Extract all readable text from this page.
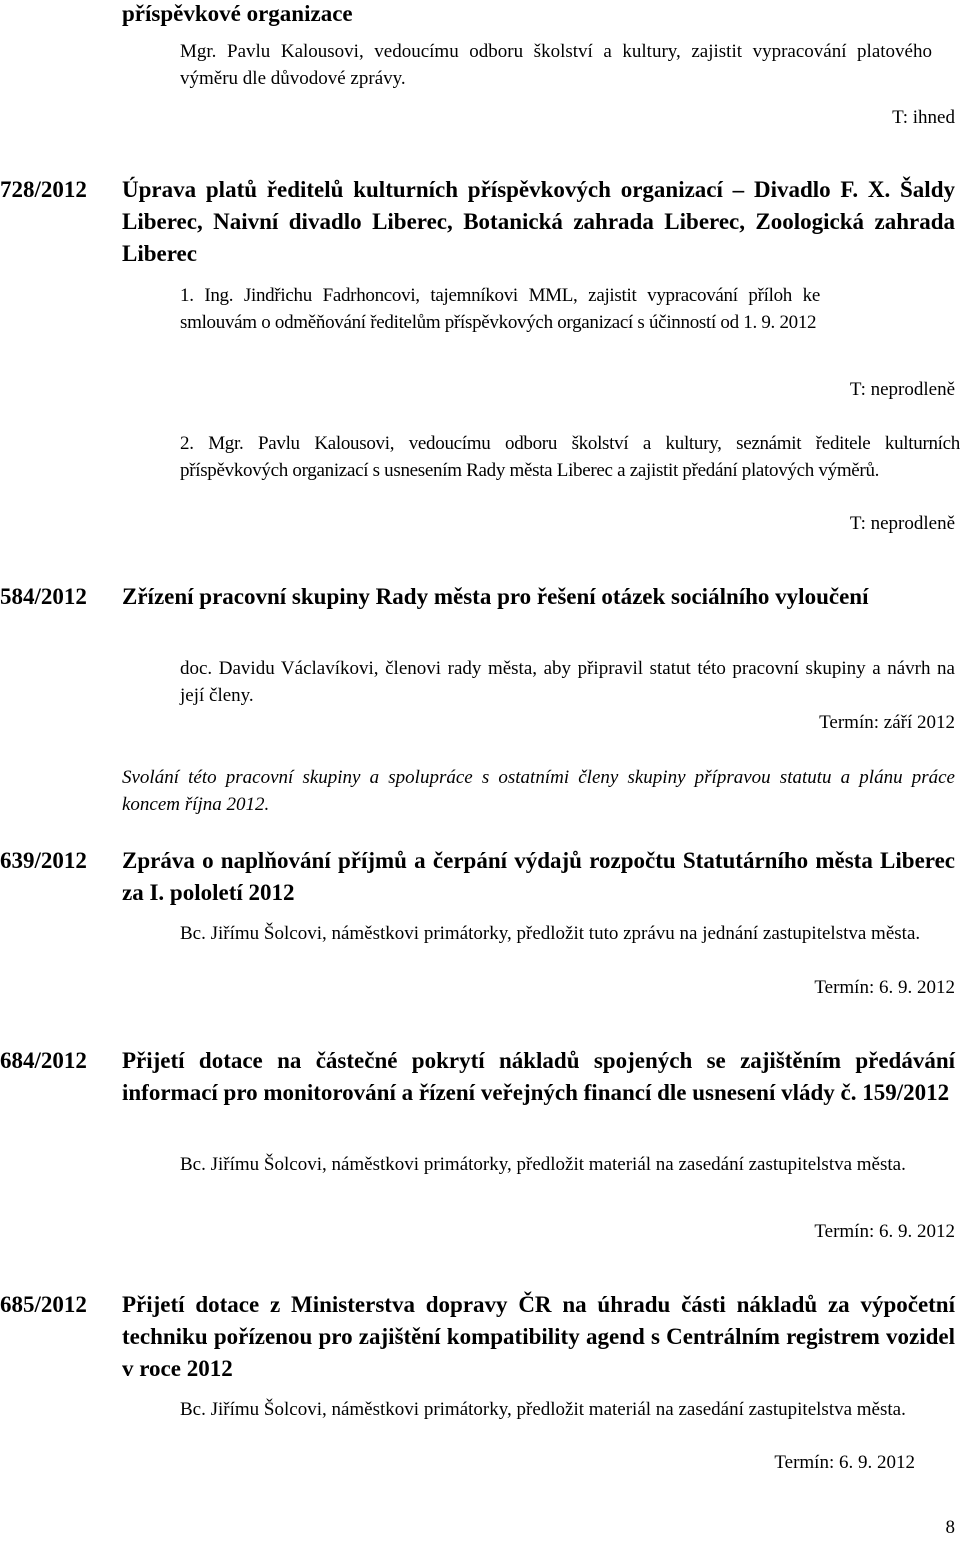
příspěvkové organizace
Mgr. Pavlu Kalousovi, vedoucímu odboru školství a kultury, zajistit vypracování platového výměru dle důvodové zprávy.
T: ihned
728/2012 Úprava platů ředitelů kulturních příspěvkových organizací – Divadlo F. X. Šaldy Liberec, Naivní divadlo Liberec, Botanická zahrada Liberec, Zoologická zahrada Liberec
1. Ing. Jindřichu Fadrhoncovi, tajemníkovi MML, zajistit vypracování příloh ke smlouvám o odměňování ředitelům příspěvkových organizací s účinností od 1. 9. 2012
T: neprodleně
2. Mgr. Pavlu Kalousovi, vedoucímu odboru školství a kultury, seznámit ředitele kulturních příspěvkových organizací s usnesením Rady města Liberec a zajistit předání platových výměrů.
T: neprodleně
584/2012 Zřízení pracovní skupiny Rady města pro řešení otázek sociálního vyloučení
doc. Davidu Václavíkovi, členovi rady města, aby připravil statut této pracovní skupiny a návrh na její členy.
Termín: září 2012
Svolání této pracovní skupiny a spolupráce s ostatními členy skupiny přípravou statutu a plánu práce koncem října 2012.
639/2012 Zpráva o naplňování příjmů a čerpání výdajů rozpočtu Statutárního města Liberec za I. pololetí 2012
Bc. Jiřímu Šolcovi, náměstkovi primátorky, předložit tuto zprávu na jednání zastupitelstva města.
Termín: 6. 9. 2012
684/2012 Přijetí dotace na částečné pokrytí nákladů spojených se zajištěním předávání informací pro monitorování a řízení veřejných financí dle usnesení vlády č. 159/2012
Bc. Jiřímu Šolcovi, náměstkovi primátorky, předložit materiál na zasedání zastupitelstva města.
Termín: 6. 9. 2012
685/2012 Přijetí dotace z Ministerstva dopravy ČR na úhradu části nákladů za výpočetní techniku pořízenou pro zajištění kompatibility agend s Centrálním registrem vozidel v roce 2012
Bc. Jiřímu Šolcovi, náměstkovi primátorky, předložit materiál na zasedání zastupitelstva města.
Termín: 6. 9. 2012
8
